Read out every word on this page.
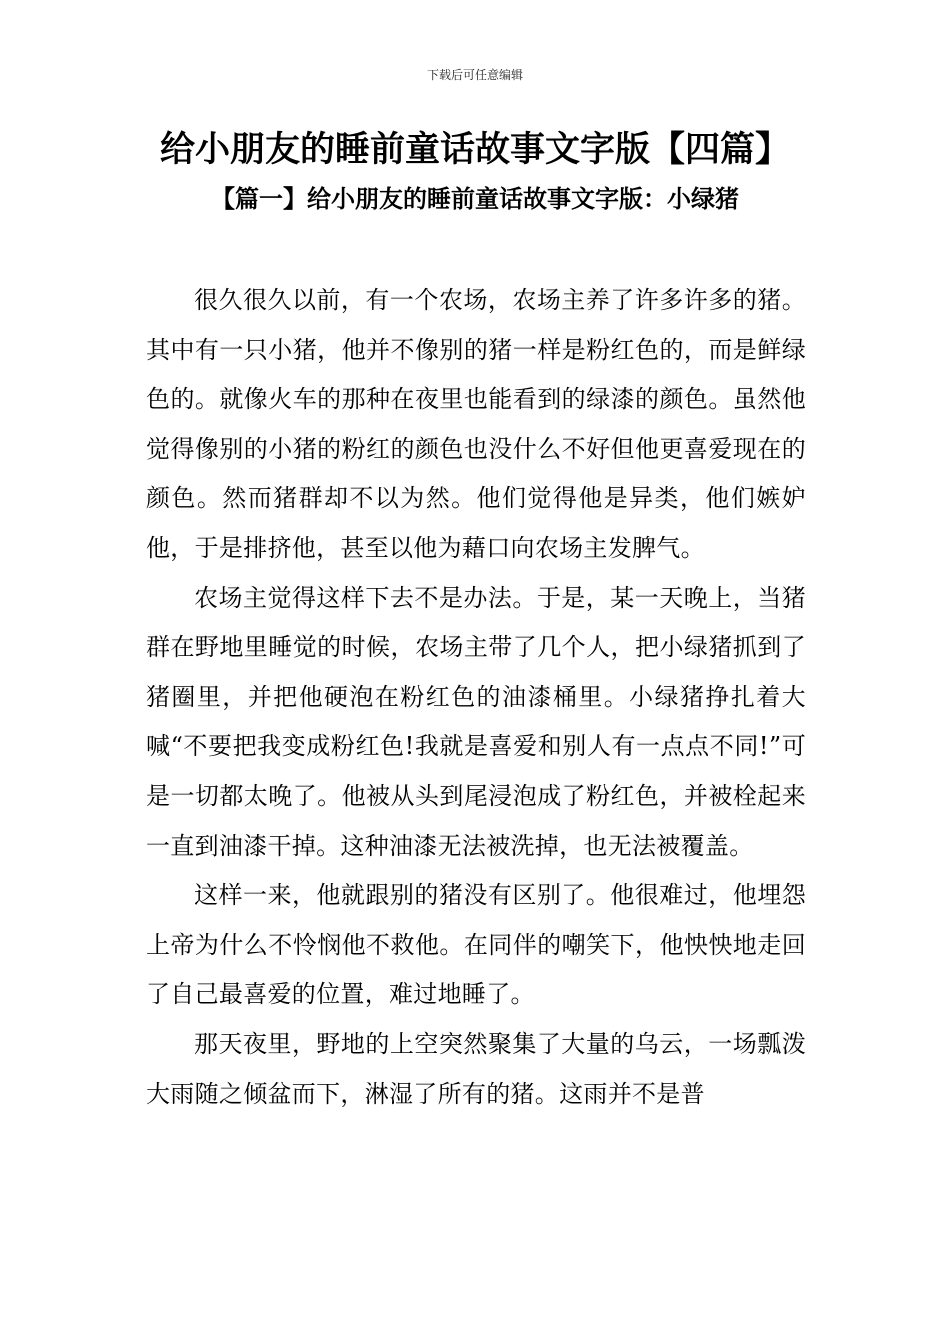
下载后可任意编辑
给小朋友的睡前童话故事文字版【四篇】
【篇一】给小朋友的睡前童话故事文字版：小绿猪

很久很久以前，有一个农场，农场主养了许多许多的猪。其中有一只小猪，他并不像别的猪一样是粉红色的，而是鲜绿色的。就像火车的那种在夜里也能看到的绿漆的颜色。虽然他觉得像别的小猪的粉红的颜色也没什么不好但他更喜爱现在的颜色。然而猪群却不以为然。他们觉得他是异类，他们嫉妒他，于是排挤他，甚至以他为藉口向农场主发脾气。

农场主觉得这样下去不是办法。于是，某一天晚上，当猪群在野地里睡觉的时候，农场主带了几个人，把小绿猪抓到了猪圈里，并把他硬泡在粉红色的油漆桶里。小绿猪挣扎着大喊“不要把我变成粉红色!我就是喜爱和别人有一点点不同!”可是一切都太晚了。他被从头到尾浸泡成了粉红色，并被栓起来一直到油漆干掉。这种油漆无法被洗掉，也无法被覆盖。

这样一来，他就跟别的猪没有区别了。他很难过，他埋怨上帝为什么不怜悯他不救他。在同伴的嘲笑下，他怏怏地走回了自己最喜爱的位置，难过地睡了。

那天夜里，野地的上空突然聚集了大量的乌云，一场瓢泼大雨随之倾盆而下，淋湿了所有的猪。这雨并不是普
